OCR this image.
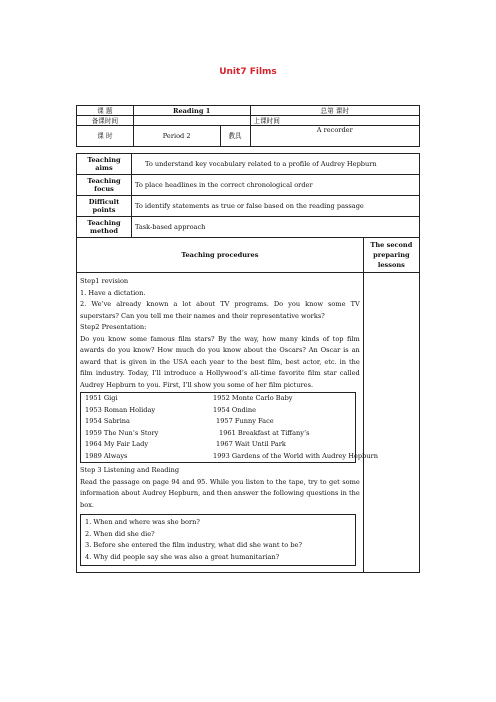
Unit7 Films
课 题	Reading 1		总第 课时
备课时间			上课时间
课 时	Period 2	教具	A recorder
Teaching aims	To understand key vocabulary related to a profile of Audrey Hepburn
Teaching focus	To place headlines in the correct chronological order
Difficult points	To identify statements as true or false based on the reading passage
Teaching method	Task-based approach
Teaching procedures	The second preparing lessons

Step1 revision

1. Have a dictation.

2. We’ve already known a lot about TV programs. Do you know some TV superstars? Can you tell me their names and their representative works?

Step2 Presentation:

Do you know some famous film stars? By the way, how many kinds of top film awards do you know? How much do you know about the Oscars? An Oscar is an award that is given in the USA each year to the best film, best actor, etc. in the film industry. Today, I’ll introduce a Hollywood’s all-time favorite film star called Audrey Hepburn to you. First, I’ll show you some of her film pictures.

1951 Gigi	1952 Monte Carlo Baby
1953 Roman Holiday	1954 Ondine
1954 Sabrina	1957 Funny Face
1959 The Nun’s Story	1961 Breakfast at Tiffany’s
1964 My Fair Lady	1967 Wait Until Park
1989 Always	1993 Gardens of the World with Audrey Hepburn

Step 3 Listening and Reading

Read the passage on page 94 and 95. While you listen to the tape, try to get some information about Audrey Hepburn, and then answer the following questions in the box.

1. When and where was she born?

2. When did she die?

3. Before she entered the film industry, what did she want to be?

4. Why did people say she was also a great humanitarian?
